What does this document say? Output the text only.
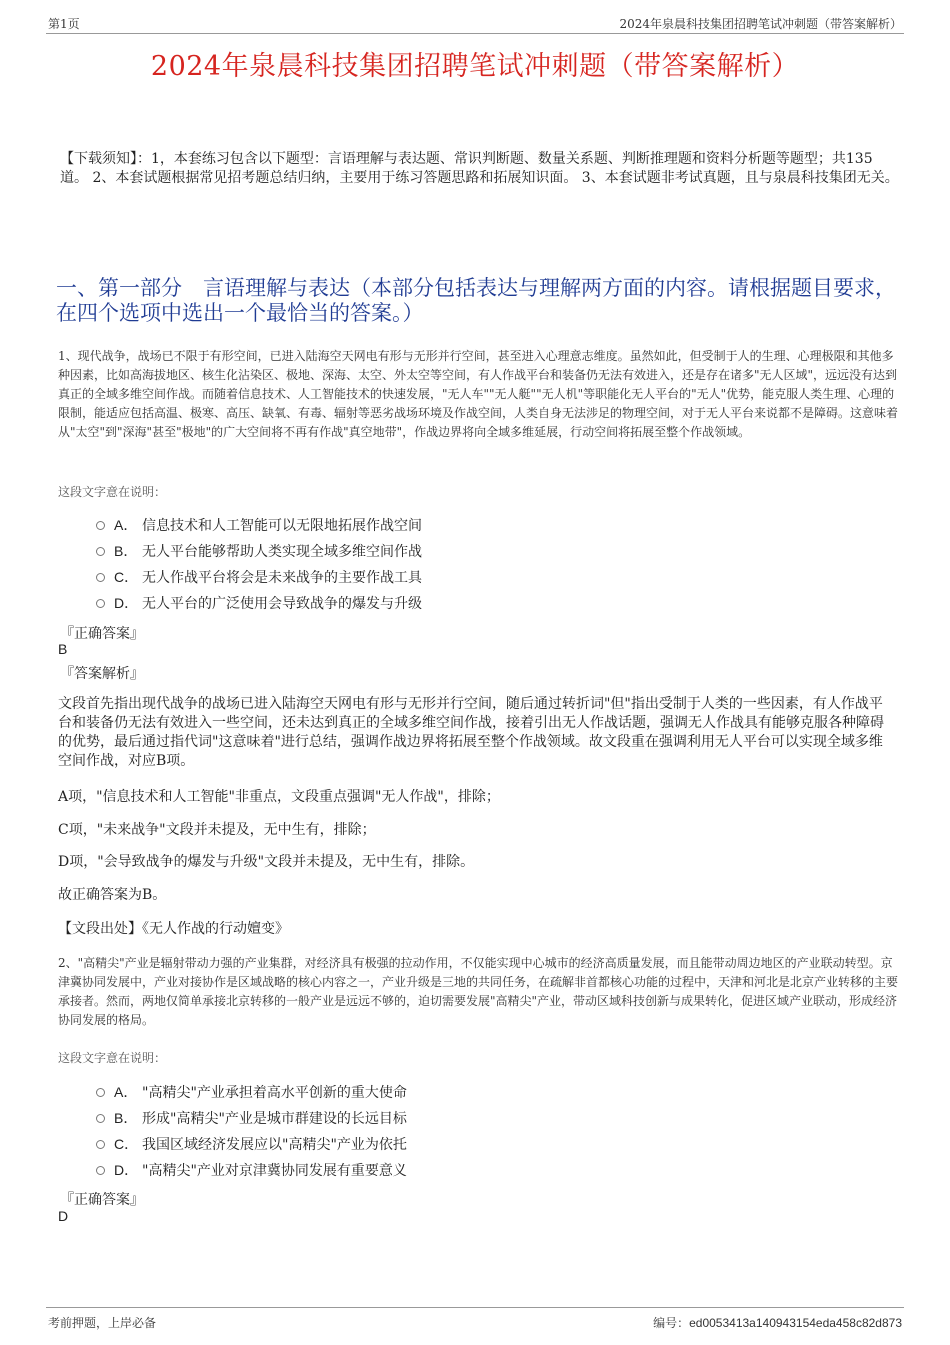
第1页	2024年泉晨科技集团招聘笔试冲刺题（带答案解析）
2024年泉晨科技集团招聘笔试冲刺题（带答案解析）
【下载须知】：1，本套练习包含以下题型：言语理解与表达题、常识判断题、数量关系题、判断推理题和资料分析题等题型；共135道。 2、本套试题根据常见招考题总结归纳，主要用于练习答题思路和拓展知识面。 3、本套试题非考试真题，且与泉晨科技集团无关。
一、第一部分　言语理解与表达（本部分包括表达与理解两方面的内容。请根据题目要求，在四个选项中选出一个最恰当的答案。）
1、现代战争，战场已不限于有形空间，已进入陆海空天网电有形与无形并行空间，甚至进入心理意志维度。虽然如此，但受制于人的生理、心理极限和其他多种因素，比如高海拔地区、核生化沾染区、极地、深海、太空、外太空等空间，有人作战平台和装备仍无法有效进入，还是存在诸多"无人区域"，远远没有达到真正的全域多维空间作战。而随着信息技术、人工智能技术的快速发展，"无人车""无人艇""无人机"等职能化无人平台的"无人"优势，能克服人类生理、心理的限制，能适应包括高温、极寒、高压、缺氧、有毒、辐射等恶劣战场环境及作战空间，人类自身无法涉足的物理空间，对于无人平台来说都不是障碍。这意味着从"太空"到"深海"甚至"极地"的广大空间将不再有作战"真空地带"，作战边界将向全域多维延展，行动空间将拓展至整个作战领域。
这段文字意在说明：
A． 信息技术和人工智能可以无限地拓展作战空间
B． 无人平台能够帮助人类实现全域多维空间作战
C． 无人作战平台将会是未来战争的主要作战工具
D． 无人平台的广泛使用会导致战争的爆发与升级
『正确答案』
B
『答案解析』
文段首先指出现代战争的战场已进入陆海空天网电有形与无形并行空间，随后通过转折词"但"指出受制于人类的一些因素，有人作战平台和装备仍无法有效进入一些空间，还未达到真正的全域多维空间作战，接着引出无人作战话题，强调无人作战具有能够克服各种障碍的优势，最后通过指代词"这意味着"进行总结，强调作战边界将拓展至整个作战领域。故文段重在强调利用无人平台可以实现全域多维空间作战，对应B项。
A项，"信息技术和人工智能"非重点，文段重点强调"无人作战"，排除；
C项，"未来战争"文段并未提及，无中生有，排除；
D项，"会导致战争的爆发与升级"文段并未提及，无中生有，排除。
故正确答案为B。
【文段出处】《无人作战的行动嬗变》
2、"高精尖"产业是辐射带动力强的产业集群，对经济具有极强的拉动作用，不仅能实现中心城市的经济高质量发展，而且能带动周边地区的产业联动转型。京津冀协同发展中，产业对接协作是区域战略的核心内容之一，产业升级是三地的共同任务，在疏解非首都核心功能的过程中，天津和河北是北京产业转移的主要承接者。然而，两地仅简单承接北京转移的一般产业是远远不够的，迫切需要发展"高精尖"产业，带动区域科技创新与成果转化，促进区域产业联动，形成经济协同发展的格局。
这段文字意在说明：
A． "高精尖"产业承担着高水平创新的重大使命
B． 形成"高精尖"产业是城市群建设的长远目标
C． 我国区域经济发展应以"高精尖"产业为依托
D． "高精尖"产业对京津冀协同发展有重要意义
『正确答案』
D
考前押题，上岸必备	编号：ed0053413a140943154eda458c82d873
